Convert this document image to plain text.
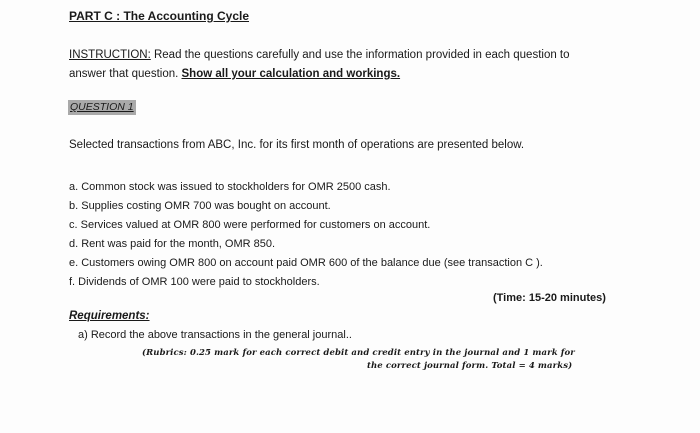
PART C : The Accounting Cycle
INSTRUCTION: Read the questions carefully and use the information provided in each question to
answer that question. Show all your calculation and workings.
QUESTION 1
Selected transactions from ABC, Inc. for its first month of operations are presented below.
a. Common stock was issued to stockholders for OMR 2500 cash.
b. Supplies costing OMR 700 was bought on account.
c. Services valued at OMR 800 were performed for customers on account.
d. Rent was paid for the month, OMR 850.
e. Customers owing OMR 800 on account paid OMR 600 of the balance due (see transaction C ).
f. Dividends of OMR 100 were paid to stockholders.
(Time: 15-20 minutes)
Requirements:
a) Record the above transactions in the general journal..
(Rubrics: 0.25 mark for each correct debit and credit entry in the journal and 1 mark for
the correct journal form. Total = 4 marks)
